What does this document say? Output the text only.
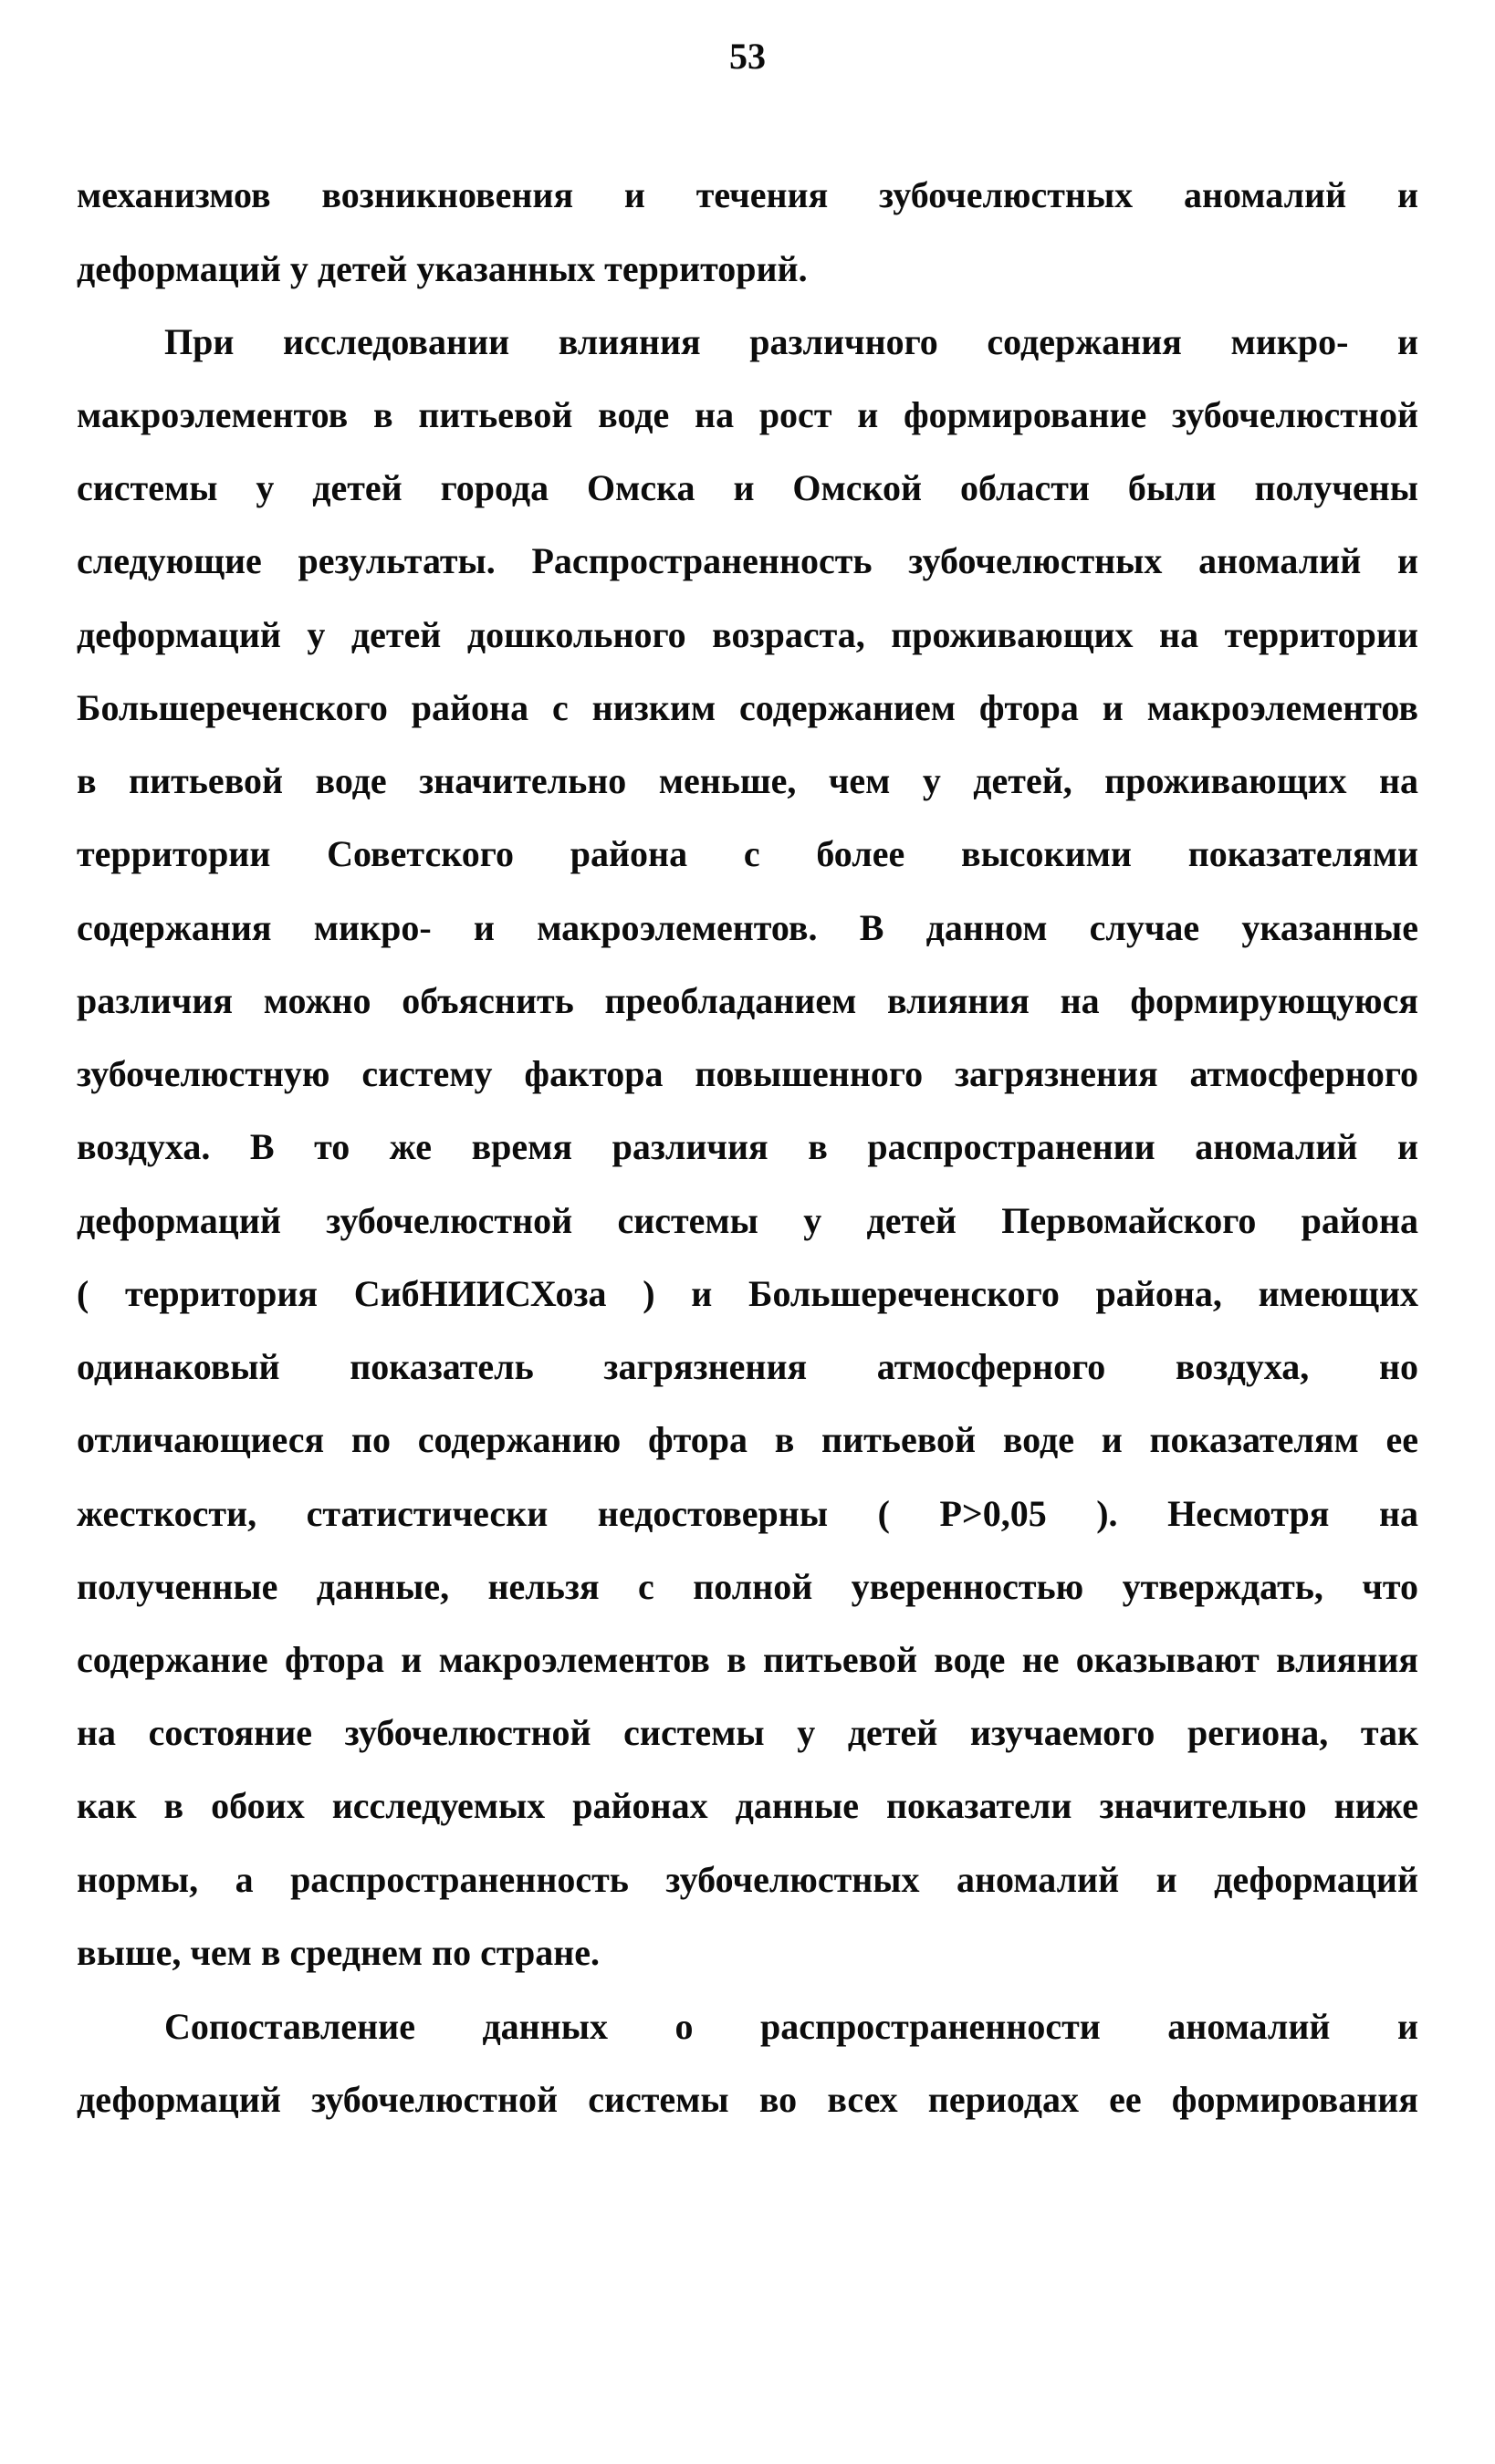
53
механизмов возникновения и течения зубочелюстных аномалий и
деформаций у детей указанных территорий.
При исследовании влияния различного содержания микро- и
макроэлементов в питьевой воде на рост и формирование зубочелюстной
системы у детей города Омска и Омской области были получены
следующие результаты. Распространенность зубочелюстных аномалий и
деформаций у детей дошкольного возраста, проживающих на территории
Большереченского района с низким содержанием фтора и макроэлементов
в питьевой воде значительно меньше, чем у детей, проживающих на
территории Советского района с более высокими показателями
содержания микро- и макроэлементов. В данном случае указанные
различия можно объяснить преобладанием влияния на формирующуюся
зубочелюстную систему фактора повышенного загрязнения атмосферного
воздуха. В то же время различия в распространении аномалий и
деформаций зубочелюстной системы у детей Первомайского района
( территория СибНИИСХоза ) и Большереченского района, имеющих
одинаковый показатель загрязнения атмосферного воздуха, но
отличающиеся по содержанию фтора в питьевой воде и показателям ее
жесткости, статистически недостоверны ( Р>0,05 ). Несмотря на
полученные данные, нельзя с полной уверенностью утверждать, что
содержание фтора и макроэлементов в питьевой воде не оказывают влияния
на состояние зубочелюстной системы у детей изучаемого региона, так
как в обоих исследуемых районах данные показатели значительно ниже
нормы, а распространенность зубочелюстных аномалий и деформаций
выше, чем в среднем по стране.
Сопоставление данных о распространенности аномалий и
деформаций зубочелюстной системы во всех периодах ее формирования
